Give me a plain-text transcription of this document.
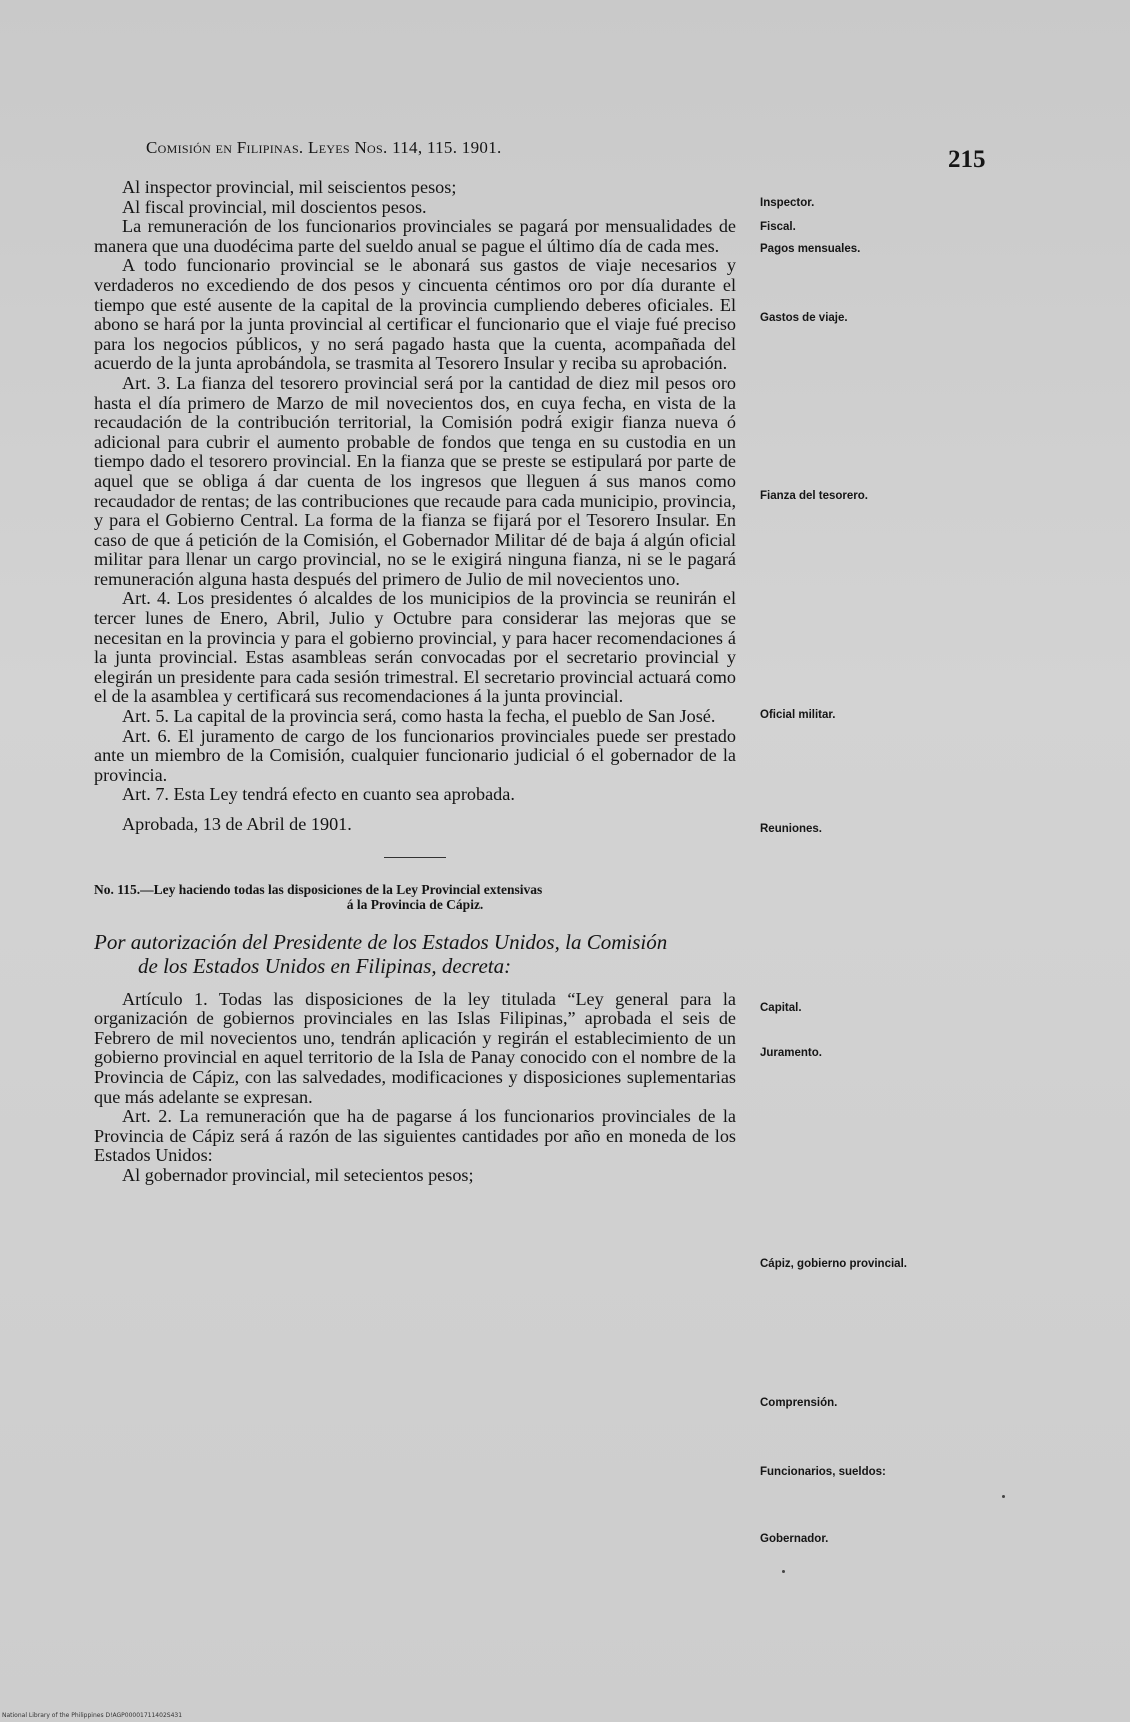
Comisión en Filipinas. Leyes Nos. 114, 115. 1901.	215

Al inspector provincial, mil seiscientos pesos;

Al fiscal provincial, mil doscientos pesos.

La remuneración de los funcionarios provinciales se pagará por mensualidades de manera que una duodécima parte del sueldo anual se pague el último día de cada mes.

A todo funcionario provincial se le abonará sus gastos de viaje necesarios y verdaderos no excediendo de dos pesos y cincuenta céntimos oro por día durante el tiempo que esté ausente de la capital de la provincia cumpliendo deberes oficiales. El abono se hará por la junta provincial al certificar el funcionario que el viaje fué preciso para los negocios públicos, y no será pagado hasta que la cuenta, acompañada del acuerdo de la junta aprobándola, se trasmita al Tesorero Insular y reciba su aprobación.

Art. 3. La fianza del tesorero provincial será por la cantidad de diez mil pesos oro hasta el día primero de Marzo de mil novecientos dos, en cuya fecha, en vista de la recaudación de la contribución territorial, la Comisión podrá exigir fianza nueva ó adicional para cubrir el aumento probable de fondos que tenga en su custodia en un tiempo dado el tesorero provincial. En la fianza que se preste se estipulará por parte de aquel que se obliga á dar cuenta de los ingresos que lleguen á sus manos como recaudador de rentas; de las contribuciones que recaude para cada municipio, provincia, y para el Gobierno Central. La forma de la fianza se fijará por el Tesorero Insular. En caso de que á petición de la Comisión, el Gobernador Militar dé de baja á algún oficial militar para llenar un cargo provincial, no se le exigirá ninguna fianza, ni se le pagará remuneración alguna hasta después del primero de Julio de mil novecientos uno.

Art. 4. Los presidentes ó alcaldes de los municipios de la provincia se reunirán el tercer lunes de Enero, Abril, Julio y Octubre para considerar las mejoras que se necesitan en la provincia y para el gobierno provincial, y para hacer recomendaciones á la junta provincial. Estas asambleas serán convocadas por el secretario provincial y elegirán un presidente para cada sesión trimestral. El secretario provincial actuará como el de la asamblea y certificará sus recomendaciones á la junta provincial.

Art. 5. La capital de la provincia será, como hasta la fecha, el pueblo de San José.

Art. 6. El juramento de cargo de los funcionarios provinciales puede ser prestado ante un miembro de la Comisión, cualquier funcionario judicial ó el gobernador de la provincia.

Art. 7. Esta Ley tendrá efecto en cuanto sea aprobada.

Aprobada, 13 de Abril de 1901.

No. 115.—Ley haciendo todas las disposiciones de la Ley Provincial extensivas
á la Provincia de Cápiz.

Por autorización del Presidente de los Estados Unidos, la Comisión
de los Estados Unidos en Filipinas, decreta:

Artículo 1. Todas las disposiciones de la ley titulada “Ley general para la organización de gobiernos provinciales en las Islas Filipinas,” aprobada el seis de Febrero de mil novecientos uno, tendrán aplicación y regirán el establecimiento de un gobierno provincial en aquel territorio de la Isla de Panay conocido con el nombre de la Provincia de Cápiz, con las salvedades, modificaciones y disposiciones suplementarias que más adelante se expresan.

Art. 2. La remuneración que ha de pagarse á los funcionarios provinciales de la Provincia de Cápiz será á razón de las siguientes cantidades por año en moneda de los Estados Unidos:

Al gobernador provincial, mil setecientos pesos;

Inspector.
Fiscal.
Pagos mensuales.
Gastos de viaje.
Fianza del tesorero.
Oficial militar.
Reuniones.
Capital.
Juramento.
Cápiz, gobierno provincial.
Comprensión.
Funcionarios, sueldos:
Gobernador.
National Library of the Philippines D!AGP00001711402S431
